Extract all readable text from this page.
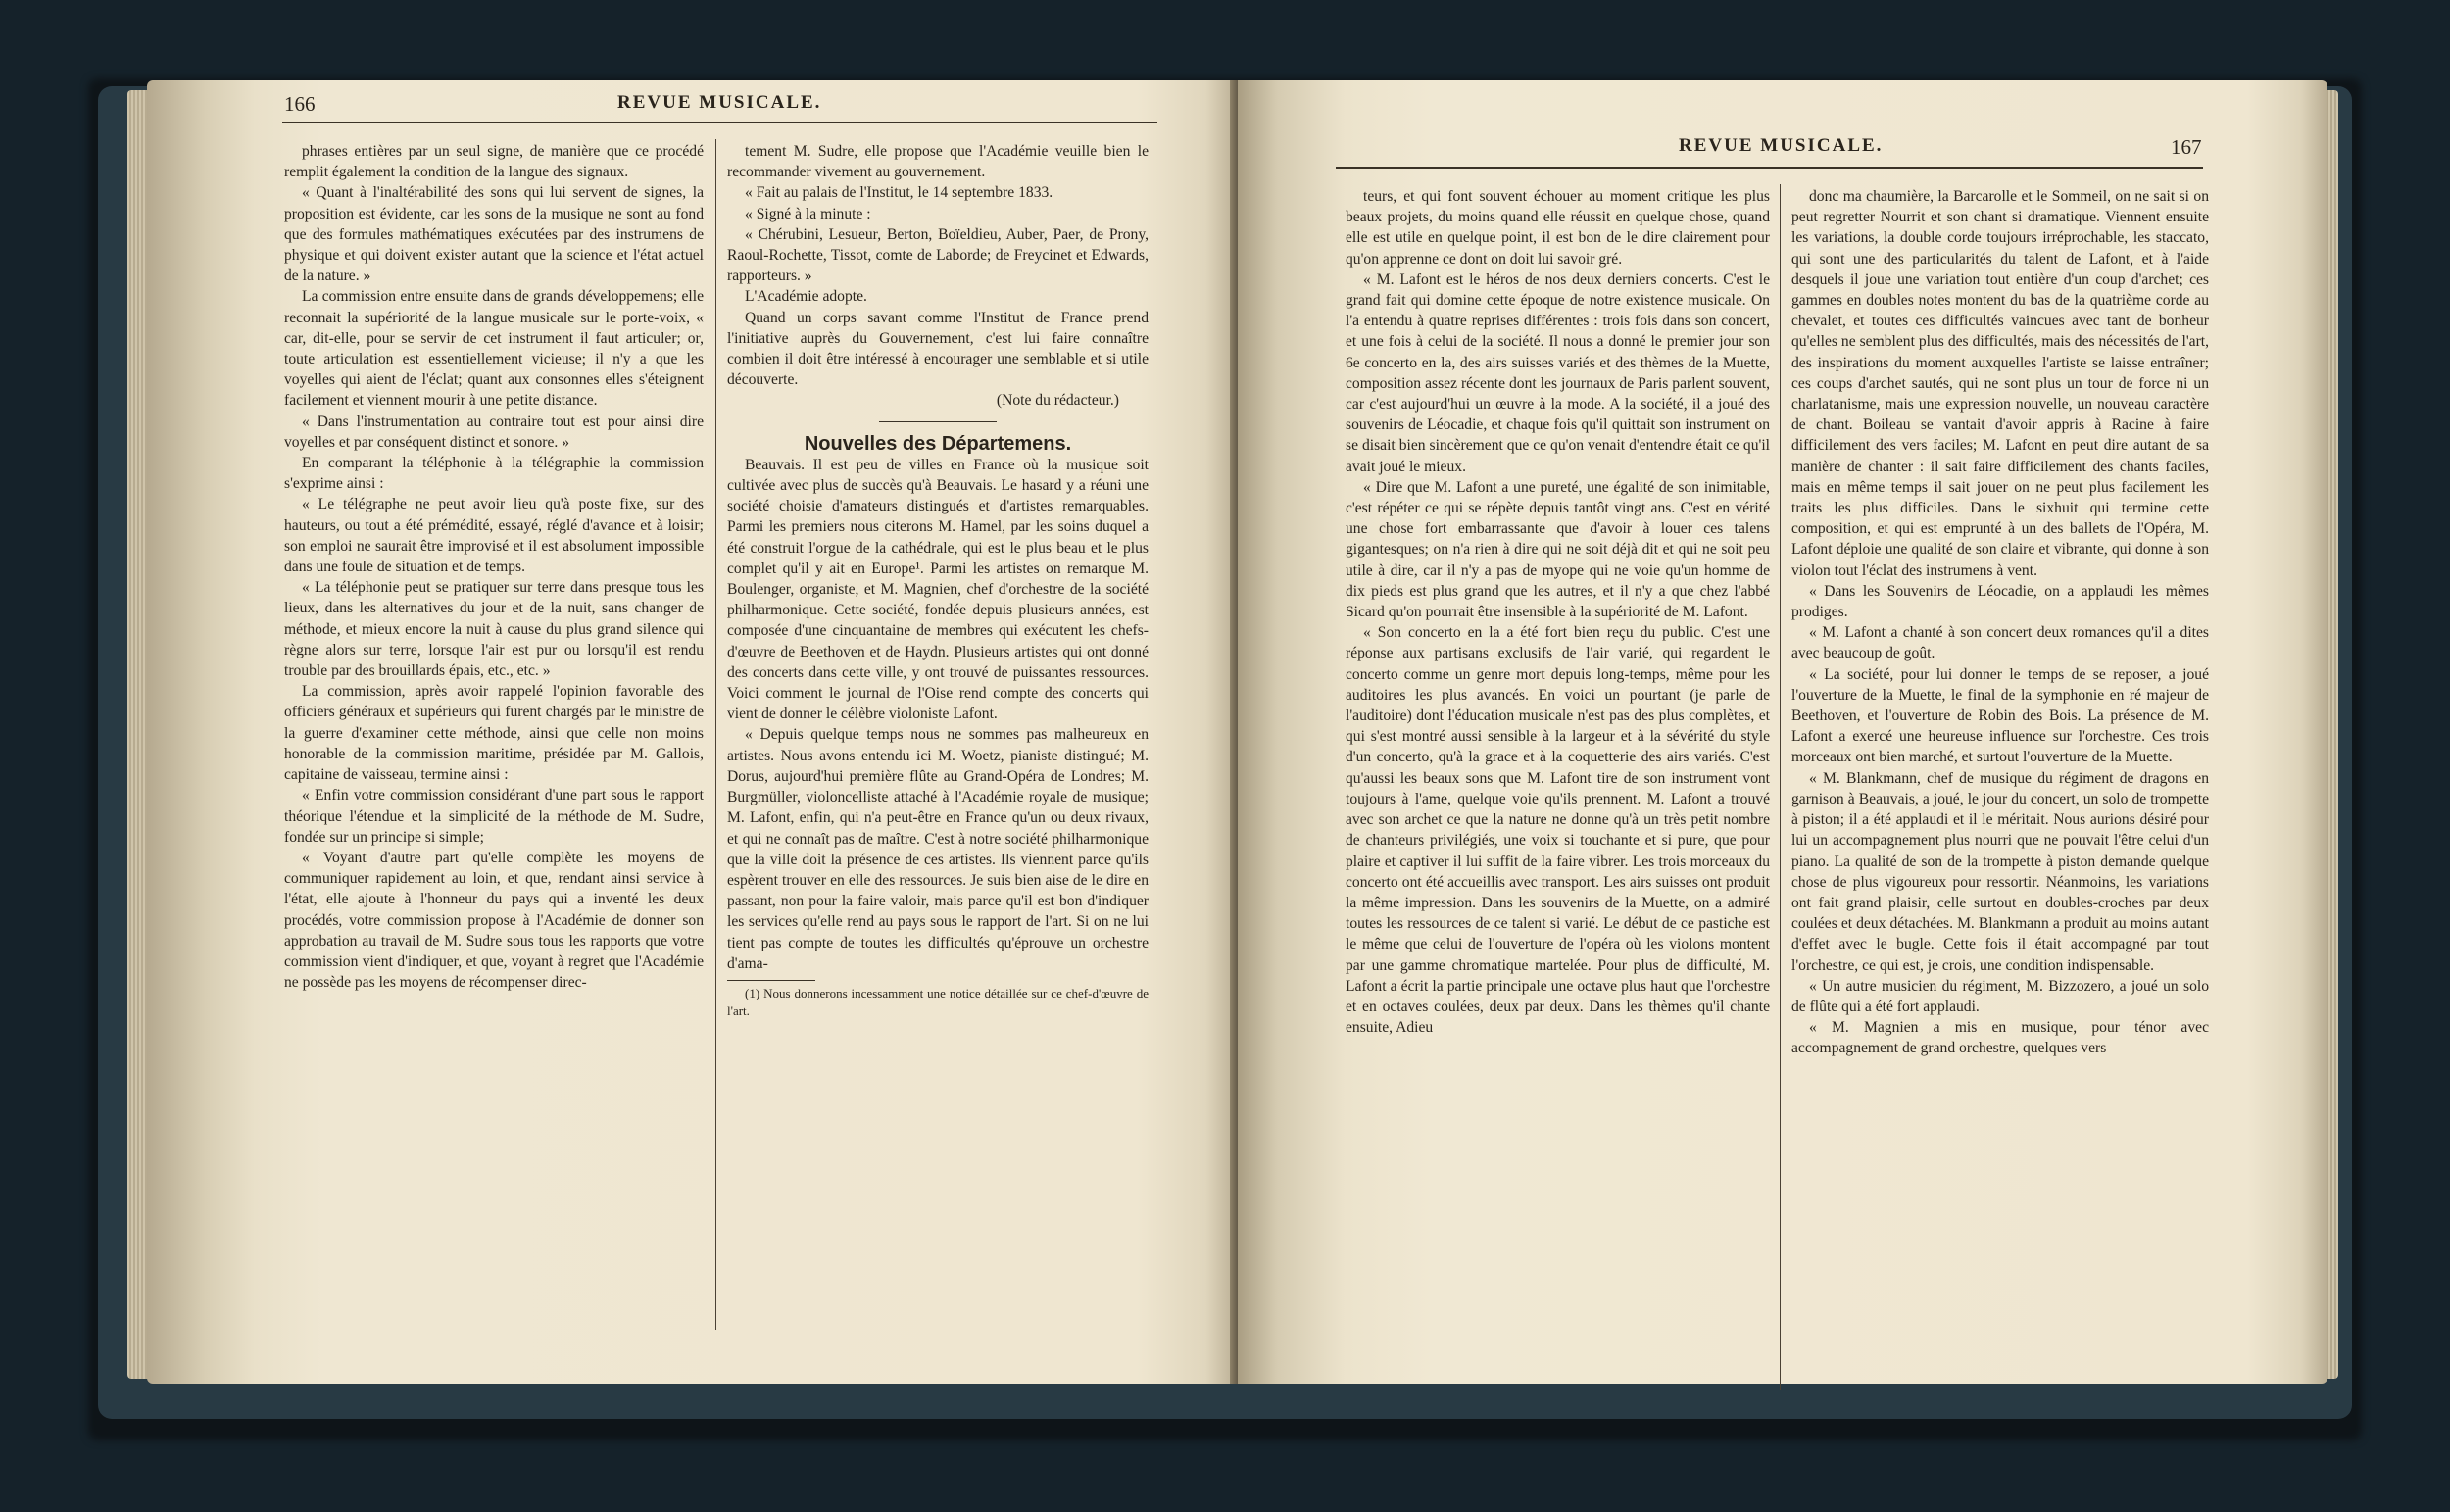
166	REVUE MUSICALE.

phrases entières par un seul signe, de manière que ce procédé remplit également la condition de la langue des signaux.

« Quant à l'inaltérabilité des sons qui lui servent de signes, la proposition est évidente, car les sons de la musique ne sont au fond que des formules mathématiques exécutées par des instrumens de physique et qui doivent exister autant que la science et l'état actuel de la nature. »

La commission entre ensuite dans de grands développemens; elle reconnait la supériorité de la langue musicale sur le porte-voix, « car, dit-elle, pour se servir de cet instrument il faut articuler; or, toute articulation est essentiellement vicieuse; il n'y a que les voyelles qui aient de l'éclat; quant aux consonnes elles s'éteignent facilement et viennent mourir à une petite distance.

« Dans l'instrumentation au contraire tout est pour ainsi dire voyelles et par conséquent distinct et sonore. »

En comparant la téléphonie à la télégraphie la commission s'exprime ainsi :

« Le télégraphe ne peut avoir lieu qu'à poste fixe, sur des hauteurs, ou tout a été prémédité, essayé, réglé d'avance et à loisir; son emploi ne saurait être improvisé et il est absolument impossible dans une foule de situation et de temps.

« La téléphonie peut se pratiquer sur terre dans presque tous les lieux, dans les alternatives du jour et de la nuit, sans changer de méthode, et mieux encore la nuit à cause du plus grand silence qui règne alors sur terre, lorsque l'air est pur ou lorsqu'il est rendu trouble par des brouillards épais, etc., etc. »

La commission, après avoir rappelé l'opinion favorable des officiers généraux et supérieurs qui furent chargés par le ministre de la guerre d'examiner cette méthode, ainsi que celle non moins honorable de la commission maritime, présidée par M. Gallois, capitaine de vaisseau, termine ainsi :

« Enfin votre commission considérant d'une part sous le rapport théorique l'étendue et la simplicité de la méthode de M. Sudre, fondée sur un principe si simple;

« Voyant d'autre part qu'elle complète les moyens de communiquer rapidement au loin, et que, rendant ainsi service à l'état, elle ajoute à l'honneur du pays qui a inventé les deux procédés, votre commission propose à l'Académie de donner son approbation au travail de M. Sudre sous tous les rapports que votre commission vient d'indiquer, et que, voyant à regret que l'Académie ne possède pas les moyens de récompenser direc-

tement M. Sudre, elle propose que l'Académie veuille bien le recommander vivement au gouvernement.

« Fait au palais de l'Institut, le 14 septembre 1833.

« Signé à la minute :

« Chérubini, Lesueur, Berton, Boïeldieu, Auber, Paer, de Prony, Raoul-Rochette, Tissot, comte de Laborde; de Freycinet et Edwards, rapporteurs. »

L'Académie adopte.

Quand un corps savant comme l'Institut de France prend l'initiative auprès du Gouvernement, c'est lui faire connaître combien il doit être intéressé à encourager une semblable et si utile découverte.

(Note du rédacteur.)

Nouvelles des Départemens.

Beauvais. Il est peu de villes en France où la musique soit cultivée avec plus de succès qu'à Beauvais. Le hasard y a réuni une société choisie d'amateurs distingués et d'artistes remarquables. Parmi les premiers nous citerons M. Hamel, par les soins duquel a été construit l'orgue de la cathédrale, qui est le plus beau et le plus complet qu'il y ait en Europe¹. Parmi les artistes on remarque M. Boulenger, organiste, et M. Magnien, chef d'orchestre de la société philharmonique. Cette société, fondée depuis plusieurs années, est composée d'une cinquantaine de membres qui exécutent les chefs-d'œuvre de Beethoven et de Haydn. Plusieurs artistes qui ont donné des concerts dans cette ville, y ont trouvé de puissantes ressources. Voici comment le journal de l'Oise rend compte des concerts qui vient de donner le célèbre violoniste Lafont.

« Depuis quelque temps nous ne sommes pas malheureux en artistes. Nous avons entendu ici M. Woetz, pianiste distingué; M. Dorus, aujourd'hui première flûte au Grand-Opéra de Londres; M. Burgmüller, violoncelliste attaché à l'Académie royale de musique; M. Lafont, enfin, qui n'a peut-être en France qu'un ou deux rivaux, et qui ne connaît pas de maître. C'est à notre société philharmonique que la ville doit la présence de ces artistes. Ils viennent parce qu'ils espèrent trouver en elle des ressources. Je suis bien aise de le dire en passant, non pour la faire valoir, mais parce qu'il est bon d'indiquer les services qu'elle rend au pays sous le rapport de l'art. Si on ne lui tient pas compte de toutes les difficultés qu'éprouve un orchestre d'ama-

(1) Nous donnerons incessamment une notice détaillée sur ce chef-d'œuvre de l'art.

REVUE MUSICALE.	167

teurs, et qui font souvent échouer au moment critique les plus beaux projets, du moins quand elle réussit en quelque chose, quand elle est utile en quelque point, il est bon de le dire clairement pour qu'on apprenne ce dont on doit lui savoir gré.

« M. Lafont est le héros de nos deux derniers concerts. C'est le grand fait qui domine cette époque de notre existence musicale. On l'a entendu à quatre reprises différentes : trois fois dans son concert, et une fois à celui de la société. Il nous a donné le premier jour son 6e concerto en la, des airs suisses variés et des thèmes de la Muette, composition assez récente dont les journaux de Paris parlent souvent, car c'est aujourd'hui un œuvre à la mode. A la société, il a joué des souvenirs de Léocadie, et chaque fois qu'il quittait son instrument on se disait bien sincèrement que ce qu'on venait d'entendre était ce qu'il avait joué le mieux.

« Dire que M. Lafont a une pureté, une égalité de son inimitable, c'est répéter ce qui se répète depuis tantôt vingt ans. C'est en vérité une chose fort embarrassante que d'avoir à louer ces talens gigantesques; on n'a rien à dire qui ne soit déjà dit et qui ne soit peu utile à dire, car il n'y a pas de myope qui ne voie qu'un homme de dix pieds est plus grand que les autres, et il n'y a que chez l'abbé Sicard qu'on pourrait être insensible à la supériorité de M. Lafont.

« Son concerto en la a été fort bien reçu du public. C'est une réponse aux partisans exclusifs de l'air varié, qui regardent le concerto comme un genre mort depuis long-temps, même pour les auditoires les plus avancés. En voici un pourtant (je parle de l'auditoire) dont l'éducation musicale n'est pas des plus complètes, et qui s'est montré aussi sensible à la largeur et à la sévérité du style d'un concerto, qu'à la grace et à la coquetterie des airs variés. C'est qu'aussi les beaux sons que M. Lafont tire de son instrument vont toujours à l'ame, quelque voie qu'ils prennent. M. Lafont a trouvé avec son archet ce que la nature ne donne qu'à un très petit nombre de chanteurs privilégiés, une voix si touchante et si pure, que pour plaire et captiver il lui suffit de la faire vibrer. Les trois morceaux du concerto ont été accueillis avec transport. Les airs suisses ont produit la même impression. Dans les souvenirs de la Muette, on a admiré toutes les ressources de ce talent si varié. Le début de ce pastiche est le même que celui de l'ouverture de l'opéra où les violons montent par une gamme chromatique martelée. Pour plus de difficulté, M. Lafont a écrit la partie principale une octave plus haut que l'orchestre et en octaves coulées, deux par deux. Dans les thèmes qu'il chante ensuite, Adieu

donc ma chaumière, la Barcarolle et le Sommeil, on ne sait si on peut regretter Nourrit et son chant si dramatique. Viennent ensuite les variations, la double corde toujours irréprochable, les staccato, qui sont une des particularités du talent de Lafont, et à l'aide desquels il joue une variation tout entière d'un coup d'archet; ces gammes en doubles notes montent du bas de la quatrième corde au chevalet, et toutes ces difficultés vaincues avec tant de bonheur qu'elles ne semblent plus des difficultés, mais des nécessités de l'art, des inspirations du moment auxquelles l'artiste se laisse entraîner; ces coups d'archet sautés, qui ne sont plus un tour de force ni un charlatanisme, mais une expression nouvelle, un nouveau caractère de chant. Boileau se vantait d'avoir appris à Racine à faire difficilement des vers faciles; M. Lafont en peut dire autant de sa manière de chanter : il sait faire difficilement des chants faciles, mais en même temps il sait jouer on ne peut plus facilement les traits les plus difficiles. Dans le sixhuit qui termine cette composition, et qui est emprunté à un des ballets de l'Opéra, M. Lafont déploie une qualité de son claire et vibrante, qui donne à son violon tout l'éclat des instrumens à vent.

« Dans les Souvenirs de Léocadie, on a applaudi les mêmes prodiges.

« M. Lafont a chanté à son concert deux romances qu'il a dites avec beaucoup de goût.

« La société, pour lui donner le temps de se reposer, a joué l'ouverture de la Muette, le final de la symphonie en ré majeur de Beethoven, et l'ouverture de Robin des Bois. La présence de M. Lafont a exercé une heureuse influence sur l'orchestre. Ces trois morceaux ont bien marché, et surtout l'ouverture de la Muette.

« M. Blankmann, chef de musique du régiment de dragons en garnison à Beauvais, a joué, le jour du concert, un solo de trompette à piston; il a été applaudi et il le méritait. Nous aurions désiré pour lui un accompagnement plus nourri que ne pouvait l'être celui d'un piano. La qualité de son de la trompette à piston demande quelque chose de plus vigoureux pour ressortir. Néanmoins, les variations ont fait grand plaisir, celle surtout en doubles-croches par deux coulées et deux détachées. M. Blankmann a produit au moins autant d'effet avec le bugle. Cette fois il était accompagné par tout l'orchestre, ce qui est, je crois, une condition indispensable.

« Un autre musicien du régiment, M. Bizzozero, a joué un solo de flûte qui a été fort applaudi.

« M. Magnien a mis en musique, pour ténor avec accompagnement de grand orchestre, quelques vers
